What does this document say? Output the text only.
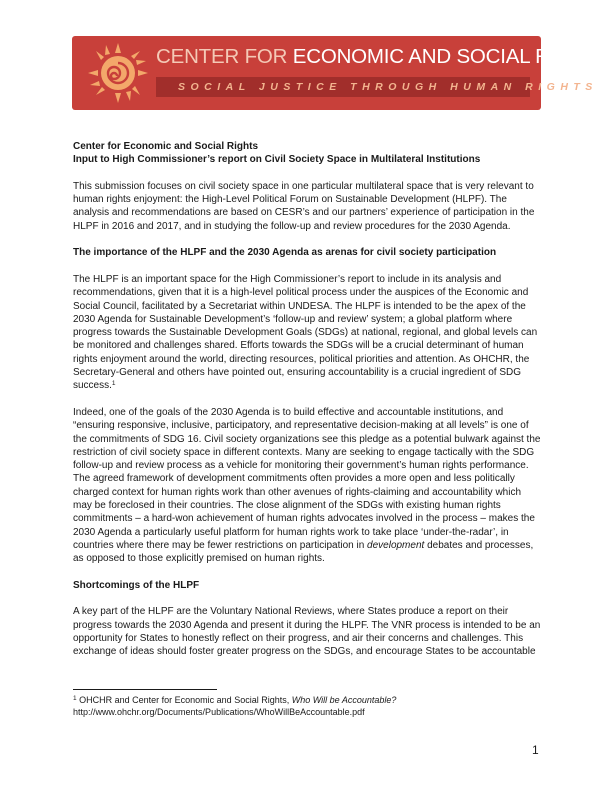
CENTER FOR ECONOMIC AND SOCIAL RIGHTS
SOCIAL JUSTICE THROUGH HUMAN RIGHTS

Center for Economic and Social Rights

Input to High Commissioner’s report on Civil Society Space in Multilateral Institutions

This submission focuses on civil society space in one particular multilateral space that is very relevant to human rights enjoyment: the High-Level Political Forum on Sustainable Development (HLPF). The analysis and recommendations are based on CESR’s and our partners’ experience of participation in the HLPF in 2016 and 2017, and in studying the follow-up and review procedures for the 2030 Agenda.

The importance of the HLPF and the 2030 Agenda as arenas for civil society participation

The HLPF is an important space for the High Commissioner’s report to include in its analysis and recommendations, given that it is a high-level political process under the auspices of the Economic and Social Council, facilitated by a Secretariat within UNDESA. The HLPF is intended to be the apex of the 2030 Agenda for Sustainable Development’s ‘follow-up and review’ system; a global platform where progress towards the Sustainable Development Goals (SDGs) at national, regional, and global levels can be monitored and challenges shared. Efforts towards the SDGs will be a crucial determinant of human rights enjoyment around the world, directing resources, political priorities and attention. As OHCHR, the Secretary-General and others have pointed out, ensuring accountability is a crucial ingredient of SDG success.$^1$

Indeed, one of the goals of the 2030 Agenda is to build effective and accountable institutions, and “ensuring responsive, inclusive, participatory, and representative decision-making at all levels” is one of the commitments of SDG 16. Civil society organizations see this pledge as a potential bulwark against the restriction of civil society space in different contexts. Many are seeking to engage tactically with the SDG follow-up and review process as a vehicle for monitoring their government’s human rights performance. The agreed framework of development commitments often provides a more open and less politically charged context for human rights work than other avenues of rights-claiming and accountability which may be foreclosed in their countries. The close alignment of the SDGs with existing human rights commitments – a hard-won achievement of human rights advocates involved in the process – makes the 2030 Agenda a particularly useful platform for human rights work to take place ‘under-the-radar’, in countries where there may be fewer restrictions on participation in development debates and processes, as opposed to those explicitly premised on human rights.

Shortcomings of the HLPF

A key part of the HLPF are the Voluntary National Reviews, where States produce a report on their progress towards the 2030 Agenda and present it during the HLPF. The VNR process is intended to be an opportunity for States to honestly reflect on their progress, and air their concerns and challenges. This exchange of ideas should foster greater progress on the SDGs, and encourage States to be accountable

$^1$ OHCHR and Center for Economic and Social Rights, Who Will be Accountable?

http://www.ohchr.org/Documents/Publications/WhoWillBeAccountable.pdf

1
